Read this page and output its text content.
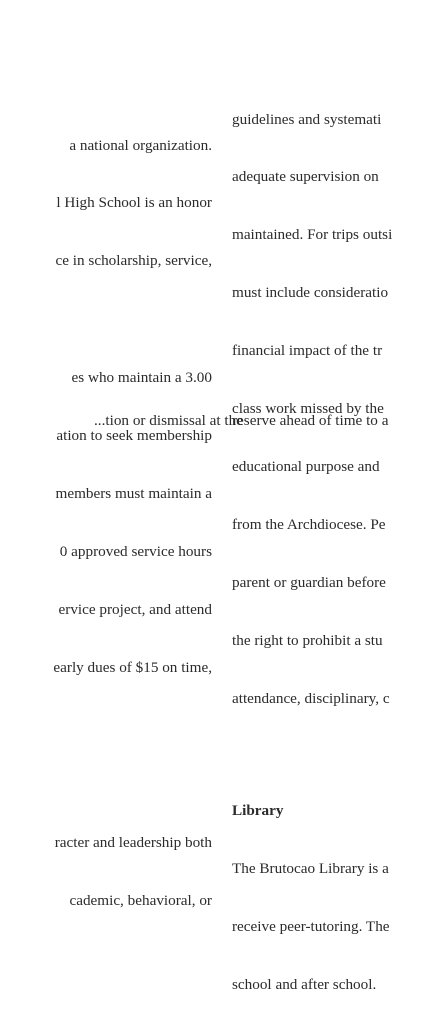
a national organization.

l High School is an honor

ce in scholarship, service,

es who maintain a 3.00

ation to seek membership

members must maintain a

0 approved service hours

ervice project, and attend

early dues of $15 on time,

racter and leadership both

cademic, behavioral, or

guidelines and systemati

adequate supervision on

maintained. For trips outsi

must include consideratio

financial impact of the tr

class work missed by the

educational purpose and

from the Archdiocese. Pe

parent or guardian before

the right to prohibit a stu

attendance, disciplinary, c

Library

The Brutocao Library is a

receive peer-tutoring. The

school and after school.

...tion or dismissal at the
reserve ahead of time to a
